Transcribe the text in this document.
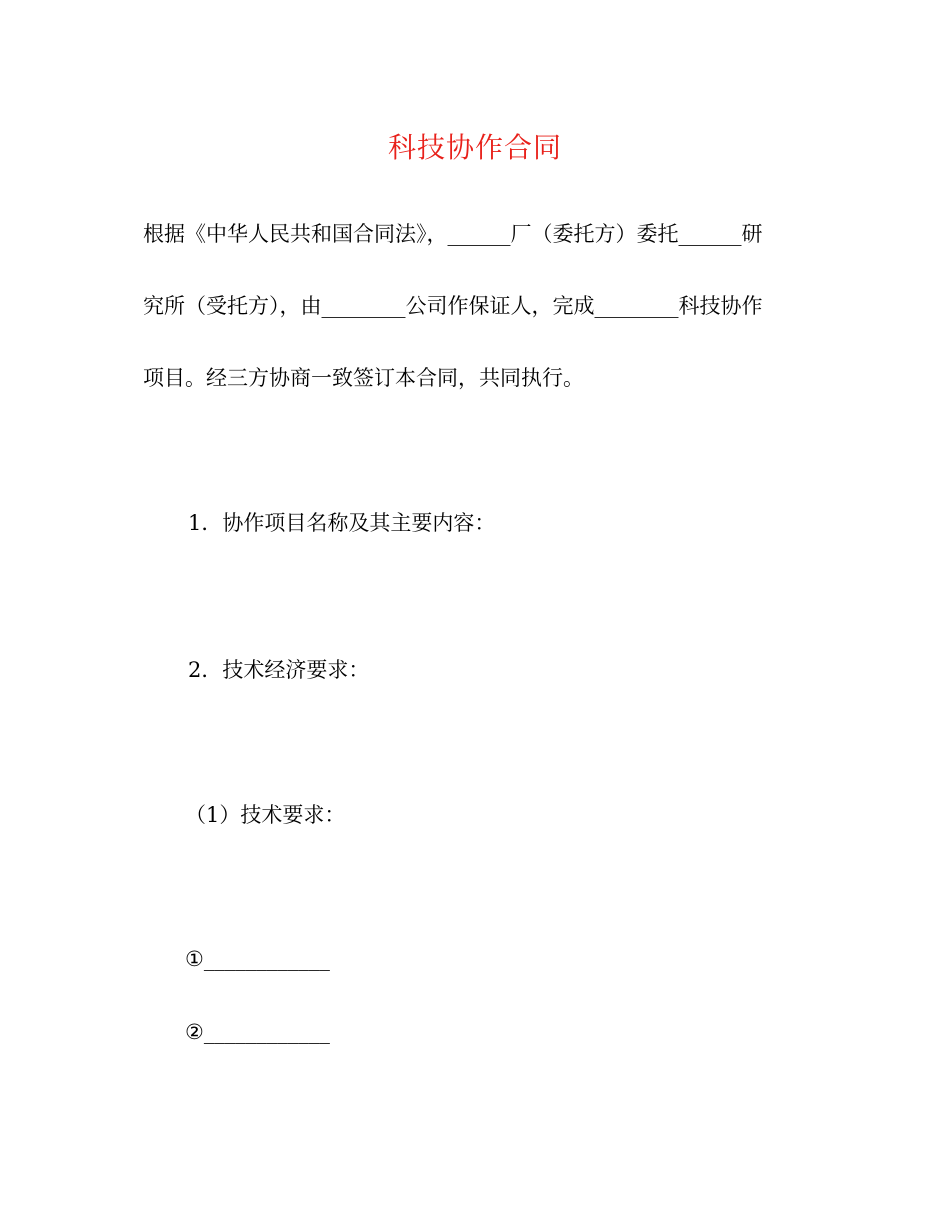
科技协作合同
根据《中华人民共和国合同法》，______厂（委托方）委托______研
究所（受托方），由________公司作保证人，完成________科技协作
项目。经三方协商一致签订本合同，共同执行。

1．协作项目名称及其主要内容：

2．技术经济要求：

（1）技术要求：

①____________

②____________
